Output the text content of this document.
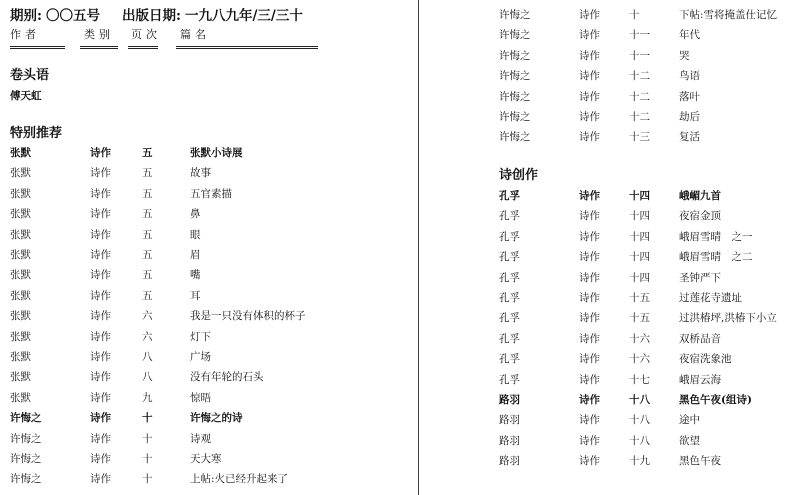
期别: 〇〇五号 出版日期: 一九八九年/三/三十
作者	类别 页次 篇名
卷头语
傅天虹
特别推荐
张默	诗作	五	张默小诗展
张默	诗作	五	故事
张默	诗作	五	五官素描
张默	诗作	五	鼻
张默	诗作	五	眼
张默	诗作	五	眉
张默	诗作	五	嘴
张默	诗作	五	耳
张默	诗作	六	我是一只没有体积的杯子
张默	诗作	六	灯下
张默	诗作	八	广场
张默	诗作	八	没有年轮的石头
张默	诗作	九	惊晤
许悔之	诗作	十	许悔之的诗
许悔之	诗作	十	诗观
许悔之	诗作	十	天大寒
许悔之	诗作	十	上帖:火已经升起来了
许悔之	诗作	十	下帖:雪将掩盖仕记忆
许悔之	诗作	十一	年代
许悔之	诗作	十一	哭
许悔之	诗作	十二	鸟语
许悔之	诗作	十二	落叶
许悔之	诗作	十二	劫后
许悔之	诗作	十三	复活
诗创作
孔孚	诗作	十四	峨嵋九首
孔孚	诗作	十四	夜宿金顶
孔孚	诗作	十四	峨眉雪晴　之一
孔孚	诗作	十四	峨眉雪晴　之二
孔孚	诗作	十四	圣钟严下
孔孚	诗作	十五	过莲花寺遗址
孔孚	诗作	十五	过洪椿坪,洪椿下小立
孔孚	诗作	十六	双桥品音
孔孚	诗作	十六	夜宿洗象池
孔孚	诗作	十七	峨眉云海
路羽	诗作	十八	黑色午夜(组诗)
路羽	诗作	十八	途中
路羽	诗作	十八	欲望
路羽	诗作	十九	黑色午夜
